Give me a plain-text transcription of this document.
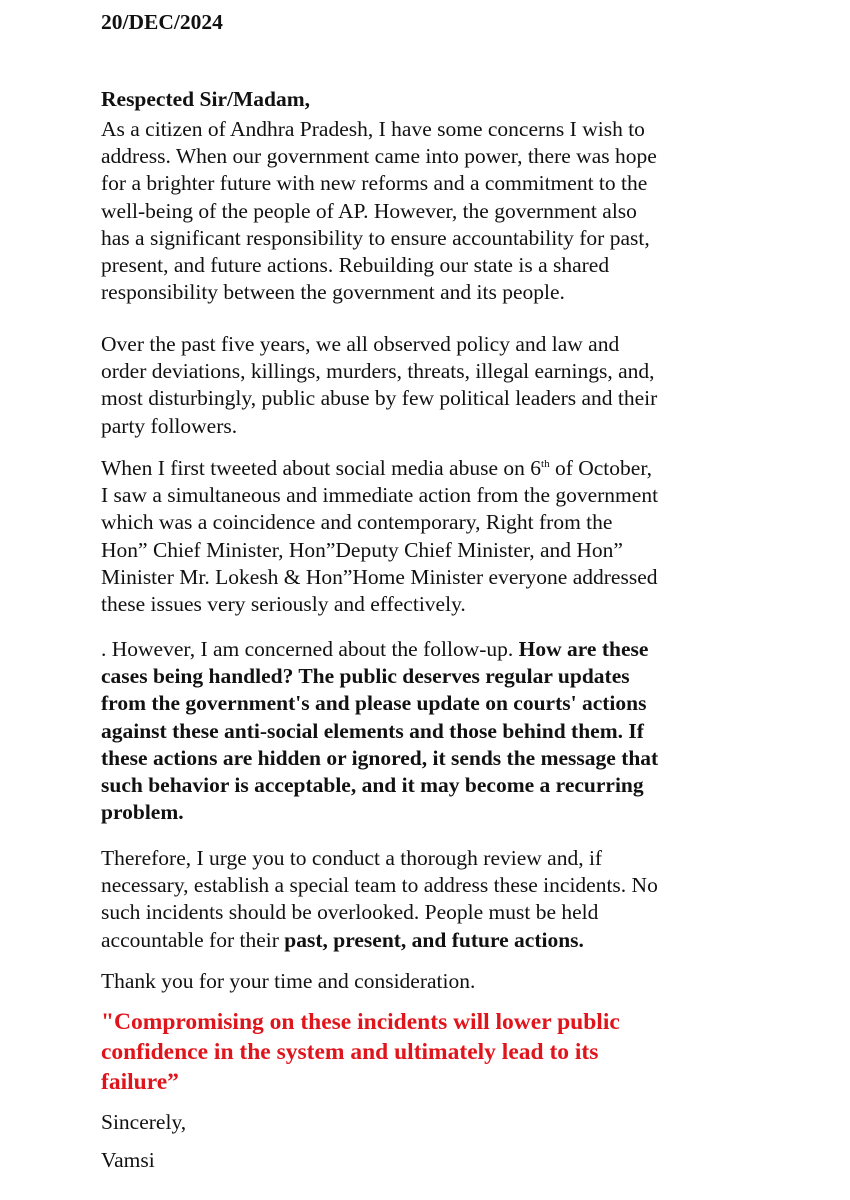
20/DEC/2024
Respected Sir/Madam,
As a citizen of Andhra Pradesh, I have some concerns I wish to
address. When our government came into power, there was hope
for a brighter future with new reforms and a commitment to the
well-being of the people of AP. However, the government also
has a significant responsibility to ensure accountability for past,
present, and future actions. Rebuilding our state is a shared
responsibility between the government and its people.
Over the past five years, we all observed policy and law and
order deviations, killings, murders, threats, illegal earnings, and,
most disturbingly, public abuse by few political leaders and their
party followers.
When I first tweeted about social media abuse on 6th of October,
I saw a simultaneous and immediate action from the government
which was a coincidence and contemporary, Right from the
Hon” Chief Minister, Hon”Deputy Chief Minister, and Hon”
Minister Mr. Lokesh & Hon”Home Minister everyone addressed
these issues very seriously and effectively.
. However, I am concerned about the follow-up. How are these
cases being handled? The public deserves regular updates
from the government's and please update on courts' actions
against these anti-social elements and those behind them. If
these actions are hidden or ignored, it sends the message that
such behavior is acceptable, and it may become a recurring
problem.
Therefore, I urge you to conduct a thorough review and, if
necessary, establish a special team to address these incidents. No
such incidents should be overlooked. People must be held
accountable for their past, present, and future actions.
Thank you for your time and consideration.
"Compromising on these incidents will lower public
confidence in the system and ultimately lead to its
failure”
Sincerely,
Vamsi
